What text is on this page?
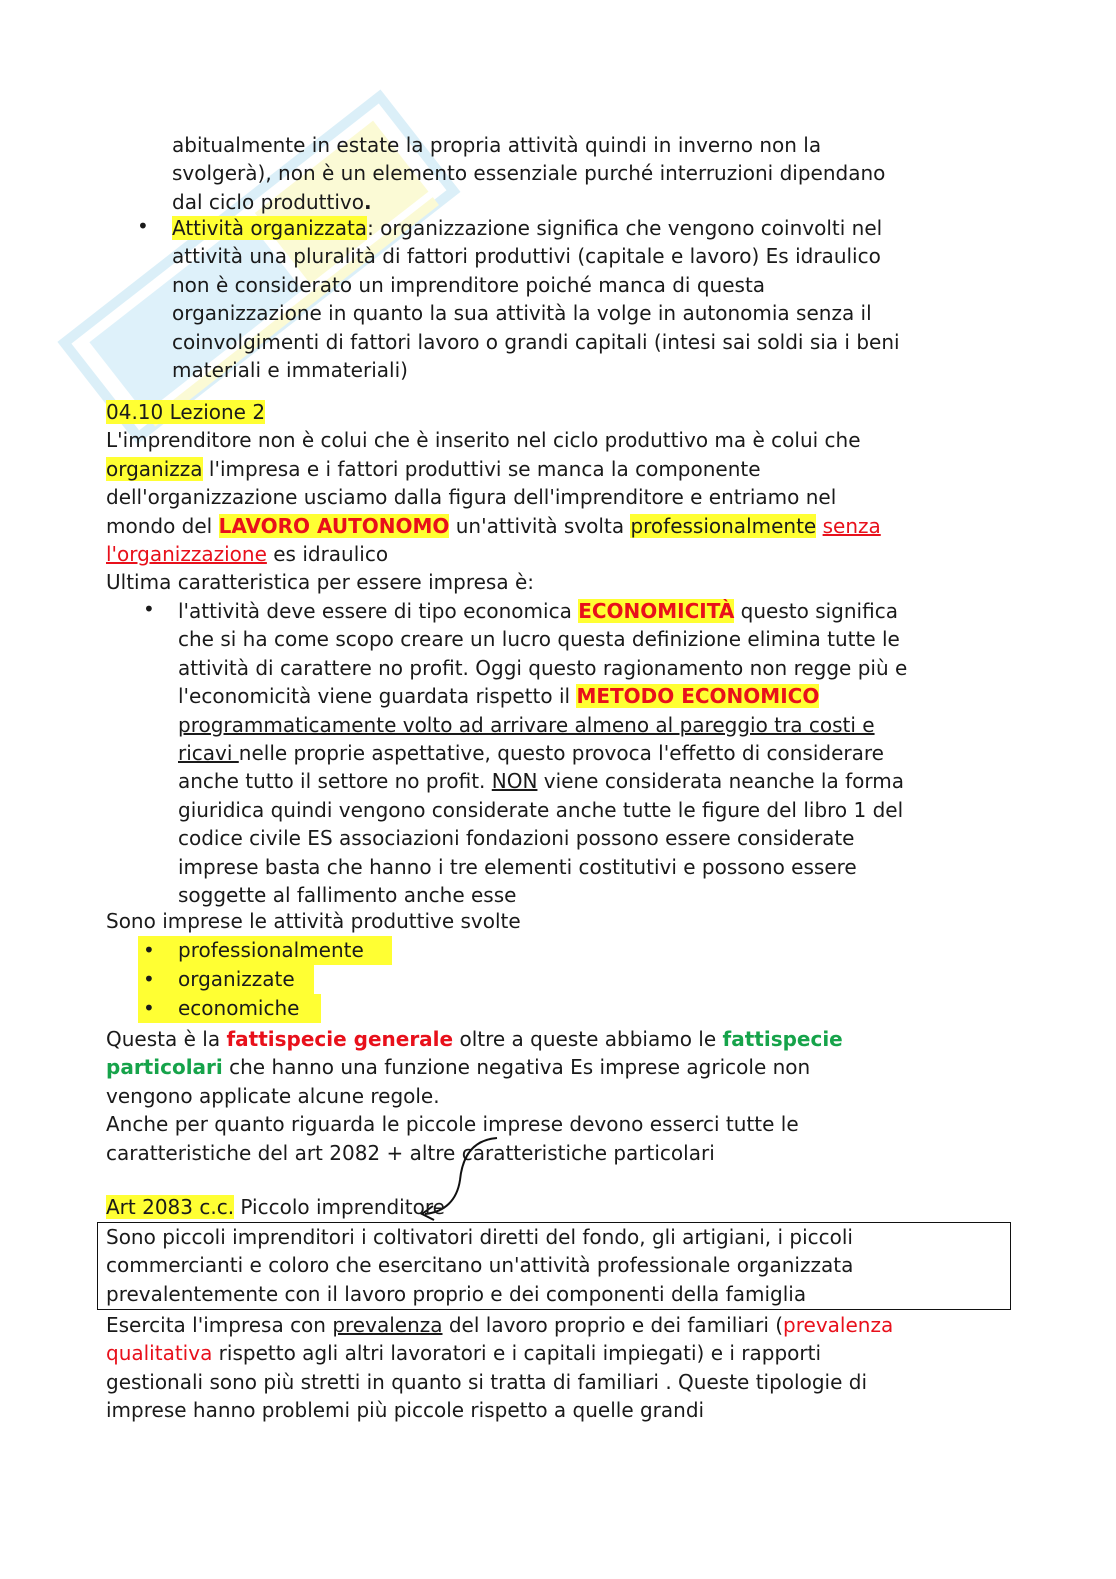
abitualmente in estate la propria attività quindi in inverno non la
svolgerà), non è un elemento essenziale purché interruzioni dipendano
dal ciclo produttivo.
• Attività organizzata: organizzazione significa che vengono coinvolti nel
attività una pluralità di fattori produttivi (capitale e lavoro) Es idraulico
non è considerato un imprenditore poiché manca di questa
organizzazione in quanto la sua attività la volge in autonomia senza il
coinvolgimenti di fattori lavoro o grandi capitali (intesi sai soldi sia i beni
materiali e immateriali)
04.10 Lezione 2
L'imprenditore non è colui che è inserito nel ciclo produttivo ma è colui che
organizza l'impresa e i fattori produttivi se manca la componente
dell'organizzazione usciamo dalla figura dell'imprenditore e entriamo nel
mondo del LAVORO AUTONOMO un'attività svolta professionalmente senza
l'organizzazione es idraulico
Ultima caratteristica per essere impresa è:
• l'attività deve essere di tipo economica ECONOMICITÀ questo significa
che si ha come scopo creare un lucro questa definizione elimina tutte le
attività di carattere no profit. Oggi questo ragionamento non regge più e
l'economicità viene guardata rispetto il METODO ECONOMICO
programmaticamente volto ad arrivare almeno al pareggio tra costi e
ricavi nelle proprie aspettative, questo provoca l'effetto di considerare
anche tutto il settore no profit. NON viene considerata neanche la forma
giuridica quindi vengono considerate anche tutte le figure del libro 1 del
codice civile ES associazioni fondazioni possono essere considerate
imprese basta che hanno i tre elementi costitutivi e possono essere
soggette al fallimento anche esse
Sono imprese le attività produttive svolte
•
•
•
professionalmente
organizzate
economiche
Questa è la fattispecie generale oltre a queste abbiamo le fattispecie
particolari che hanno una funzione negativa Es imprese agricole non
vengono applicate alcune regole.
Anche per quanto riguarda le piccole imprese devono esserci tutte le
caratteristiche del art 2082 + altre caratteristiche particolari
Art 2083 c.c. Piccolo imprenditore
Sono piccoli imprenditori i coltivatori diretti del fondo, gli artigiani, i piccoli
commercianti e coloro che esercitano un'attività professionale organizzata
prevalentemente con il lavoro proprio e dei componenti della famiglia
Esercita l'impresa con prevalenza del lavoro proprio e dei familiari (prevalenza
qualitativa rispetto agli altri lavoratori e i capitali impiegati) e i rapporti
gestionali sono più stretti in quanto si tratta di familiari . Queste tipologie di
imprese hanno problemi più piccole rispetto a quelle grandi
